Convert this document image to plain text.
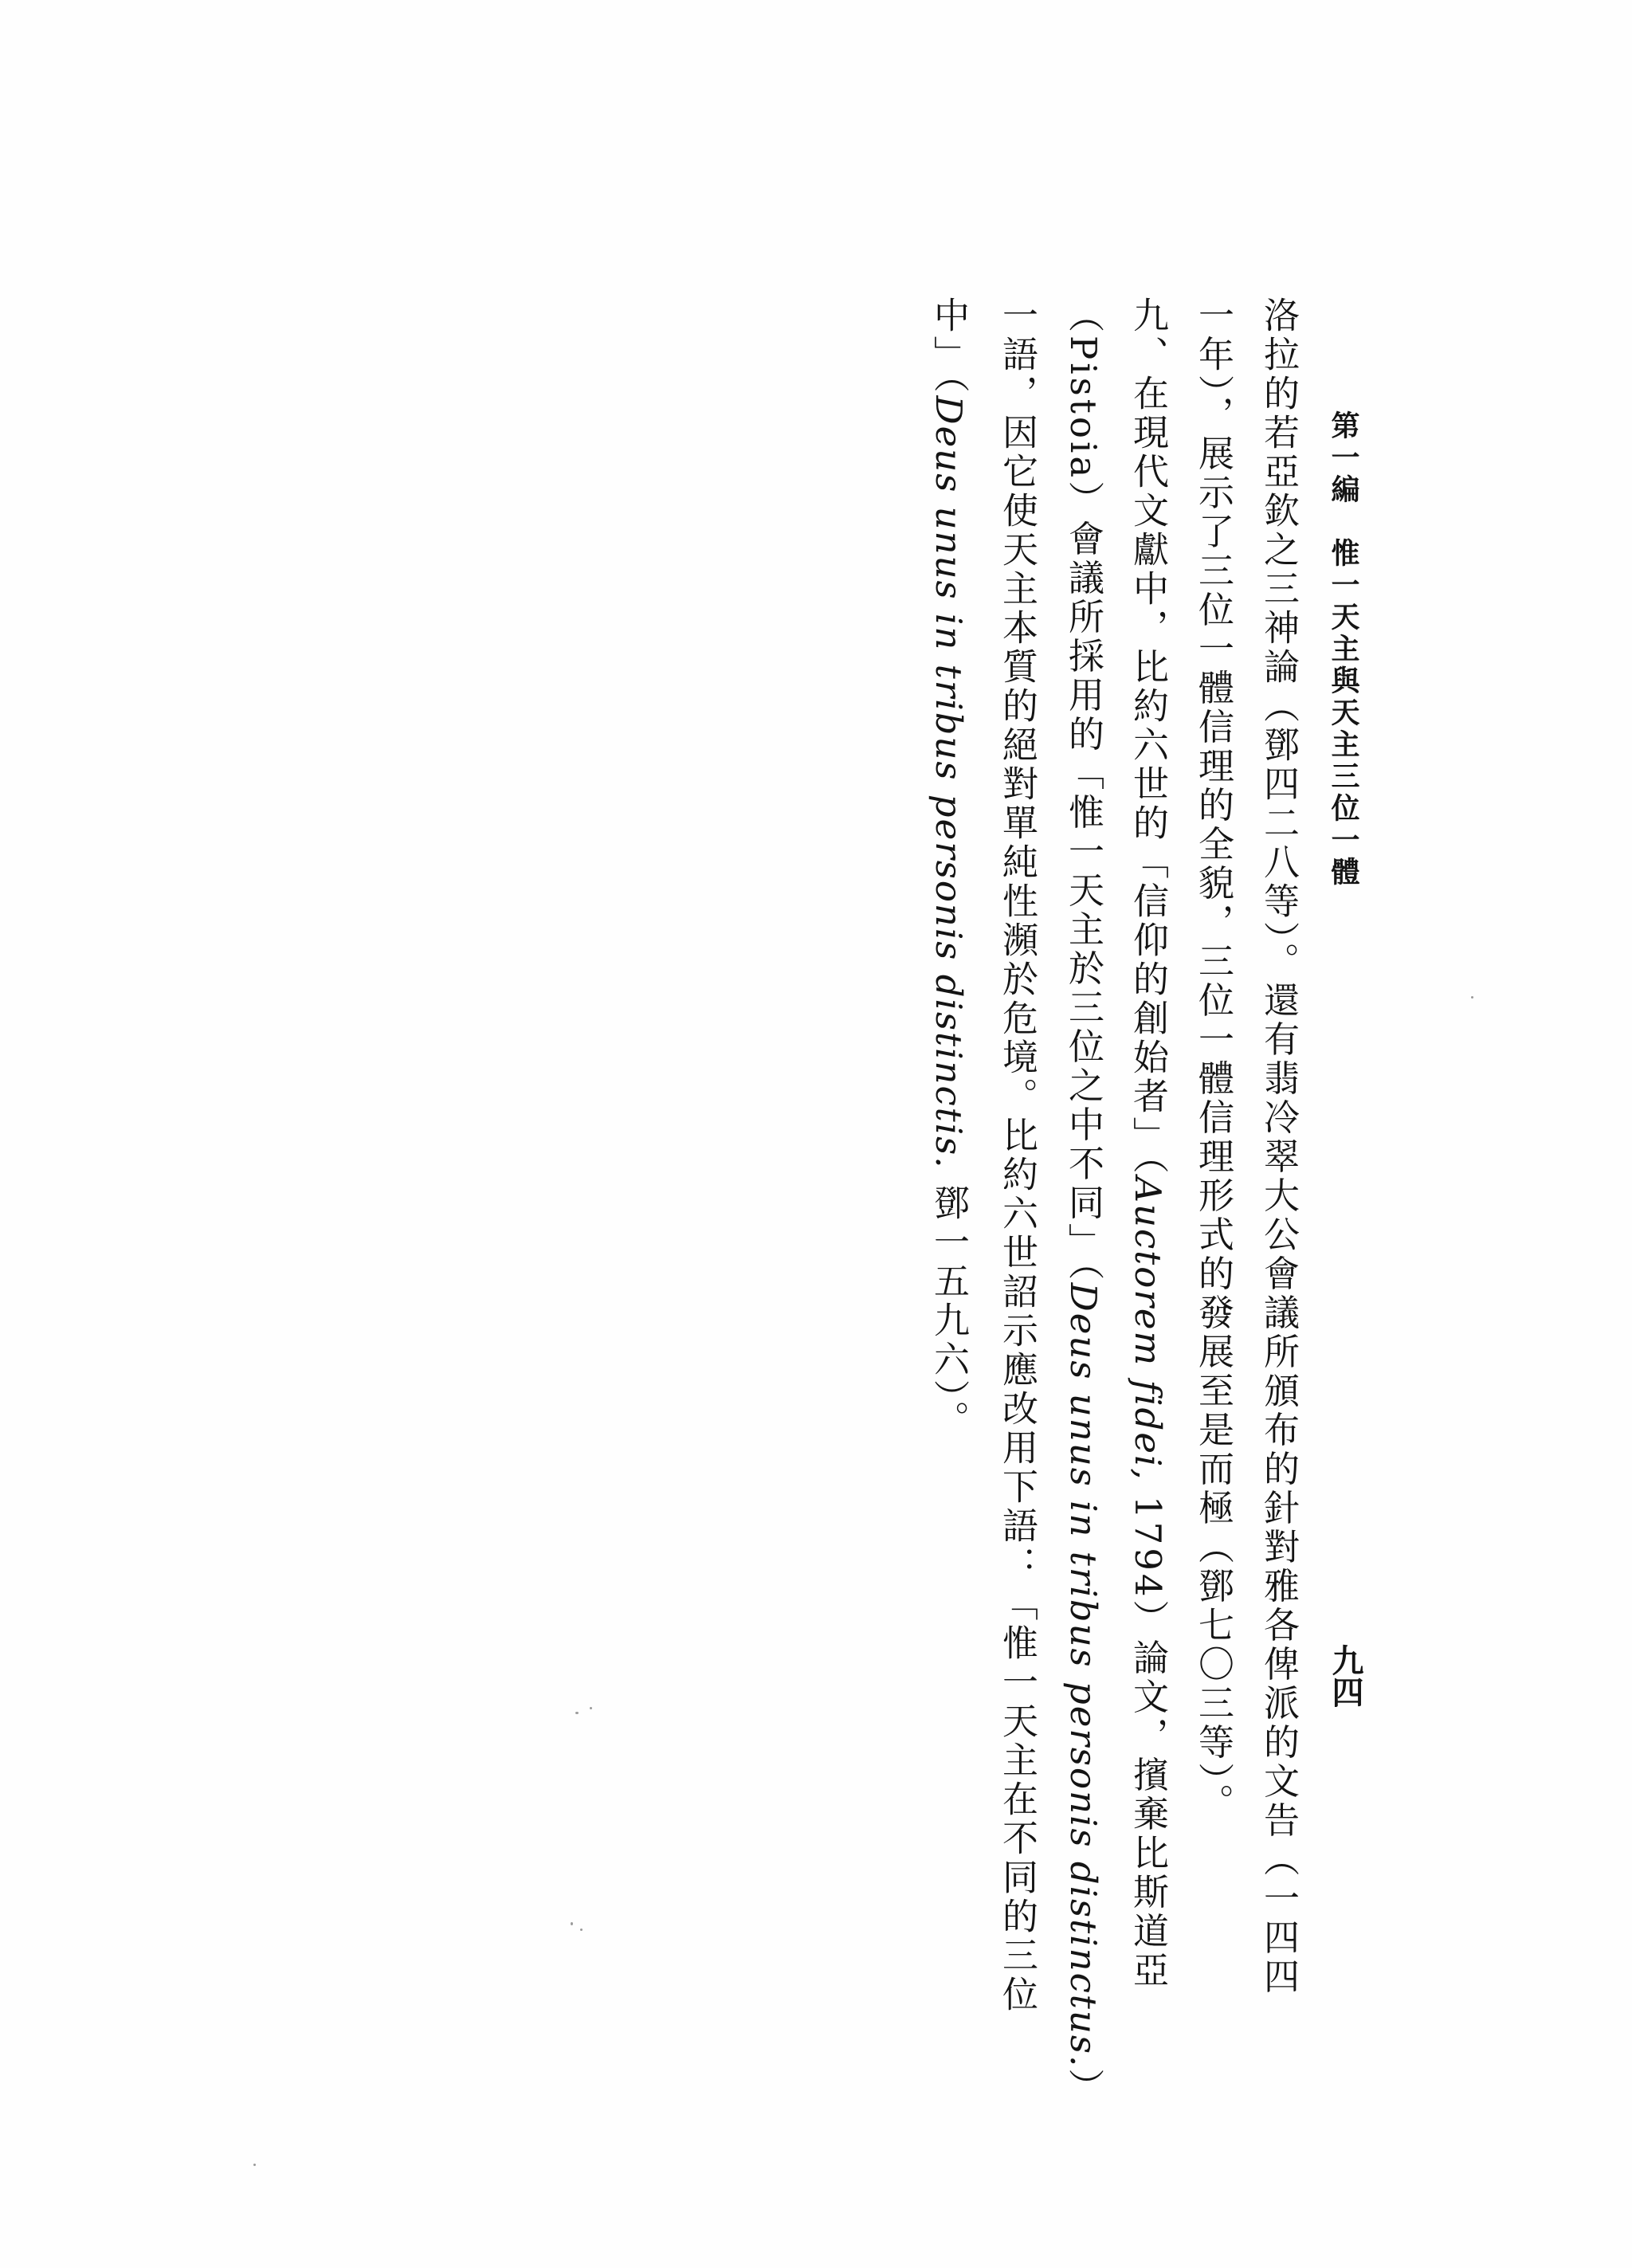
第一編　惟一天主與天主三位一體
九四
洛拉的若亞欽之三神論（鄧四二八等）。還有翡冷翠大公會議所頒布的針對雅各俾派的文告（一四四
一年），展示了三位一體信理的全貌，三位一體信理形式的發展至是而極（鄧七〇三等）。
九、在現代文獻中，比約六世的「信仰的創始者」（Auctorem fidei, 1794）論文，擯棄比斯道亞
（Pistoia）會議所採用的「惟一天主於三位之中不同」（Deus unus in tribus personis distinctus.）
一語，因它使天主本質的絕對單純性瀕於危境。比約六世詔示應改用下語：「惟一天主在不同的三位
中」（Deus unus in tribus personis distinctis. 鄧一五九六）。
